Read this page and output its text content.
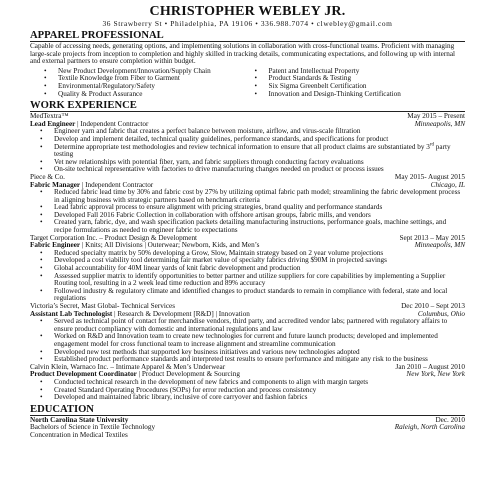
CHRISTOPHER WEBLEY JR.
36 Strawberry St • Philadelphia, PA 19106 • 336.988.7074 • clwebley@gmail.com
APPAREL PROFESSIONAL

Capable of accessing needs, generating options, and implementing solutions in collaboration with cross-functional teams. Proficient with managing large-scale projects from inception to completion and highly skilled in tracking details, communicating expectations, and following up with internal and external partners to ensure completion within budget.

• New Product Development/Innovation/Supply Chain
• Textile Knowledge from Fiber to Garment
• Environmental/Regulatory/Safety
• Quality & Product Assurance
• Patent and Intellectual Property
• Product Standards & Testing
• Six Sigma Greenbelt Certification
• Innovation and Design-Thinking Certification
WORK EXPERIENCE
MedTextra™	May 2015 – Present
Lead Engineer | Independent Contractor	Minneapolis, MN
• Engineer yarn and fabric that creates a perfect balance between moisture, airflow, and virus-scale filtration
• Develop and implement detailed, technical quality guidelines, performance standards, and specifications for product
• Determine appropriate test methodologies and review technical information to ensure that all product claims are substantiated by 3rd party testing
• Vet new relationships with potential fiber, yarn, and fabric suppliers through conducting factory evaluations
• On-site technical representative with factories to drive manufacturing changes needed on product or process issues
Piece & Co.	May 2015- August 2015
Fabric Manager | Independent Contractor	Chicago, IL
• Reduced fabric lead time by 30% and fabric cost by 27% by utilizing optimal fabric path model; streamlining the fabric development process in aligning business with strategic partners based on benchmark criteria
• Lead fabric approval process to ensure alignment with pricing strategies, brand quality and performance standards
• Developed Fall 2016 Fabric Collection in collaboration with offshore artisan groups, fabric mills, and vendors
• Created yarn, fabric, dye, and wash specification packets detailing manufacturing instructions, performance goals, machine settings, and recipe formulations as needed to engineer fabric to expectations
Target Corporation Inc. – Product Design & Development	Sept 2013 – May 2015
Fabric Engineer | Knits; All Divisions | Outerwear; Newborn, Kids, and Men’s	Minneapolis, MN
• Reduced specialty matrix by 50% developing a Grow, Slow, Maintain strategy based on 2 year volume projections
• Developed a cost viability tool determining fair market value of specialty fabrics driving $90M in projected savings
• Global accountability for 40M linear yards of knit fabric development and production
• Assessed supplier matrix to identify opportunities to better partner and utilize suppliers for core capabilities by implementing a Supplier Routing tool, resulting in a 2 week lead time reduction and 89% accuracy
• Followed industry & regulatory climate and identified changes to product standards to remain in compliance with federal, state and local regulations
Victoria’s Secret, Mast Global- Technical Services	Dec 2010 – Sept 2013
Assistant Lab Technologist | Research & Development [R&D] | Innovation	Columbus, Ohio
• Served as technical point of contact for merchandise vendors, third party, and accredited vendor labs; partnered with regulatory affairs to ensure product compliancy with domestic and international regulations and law
• Worked on R&D and Innovation team to create new technologies for current and future launch products; developed and implemented engagement model for cross functional team to increase alignment and streamline communication
• Developed new test methods that supported key business initiatives and various new technologies adopted
• Established product performance standards and interpreted test results to ensure performance and mitigate any risk to the business
Calvin Klein, Warnaco Inc. – Intimate Apparel & Men’s Underwear	Jan 2010 – August 2010
Product Development Coordinator | Product Development & Sourcing	New York, New York
• Conducted technical research in the development of new fabrics and components to align with margin targets
• Created Standard Operating Procedures (SOPs) for error reduction and process consistency
• Developed and maintained fabric library, inclusive of core carryover and fashion fabrics
EDUCATION
North Carolina State University	Dec. 2010
Bachelors of Science in Textile Technology	Raleigh, North Carolina
Concentration in Medical Textiles
